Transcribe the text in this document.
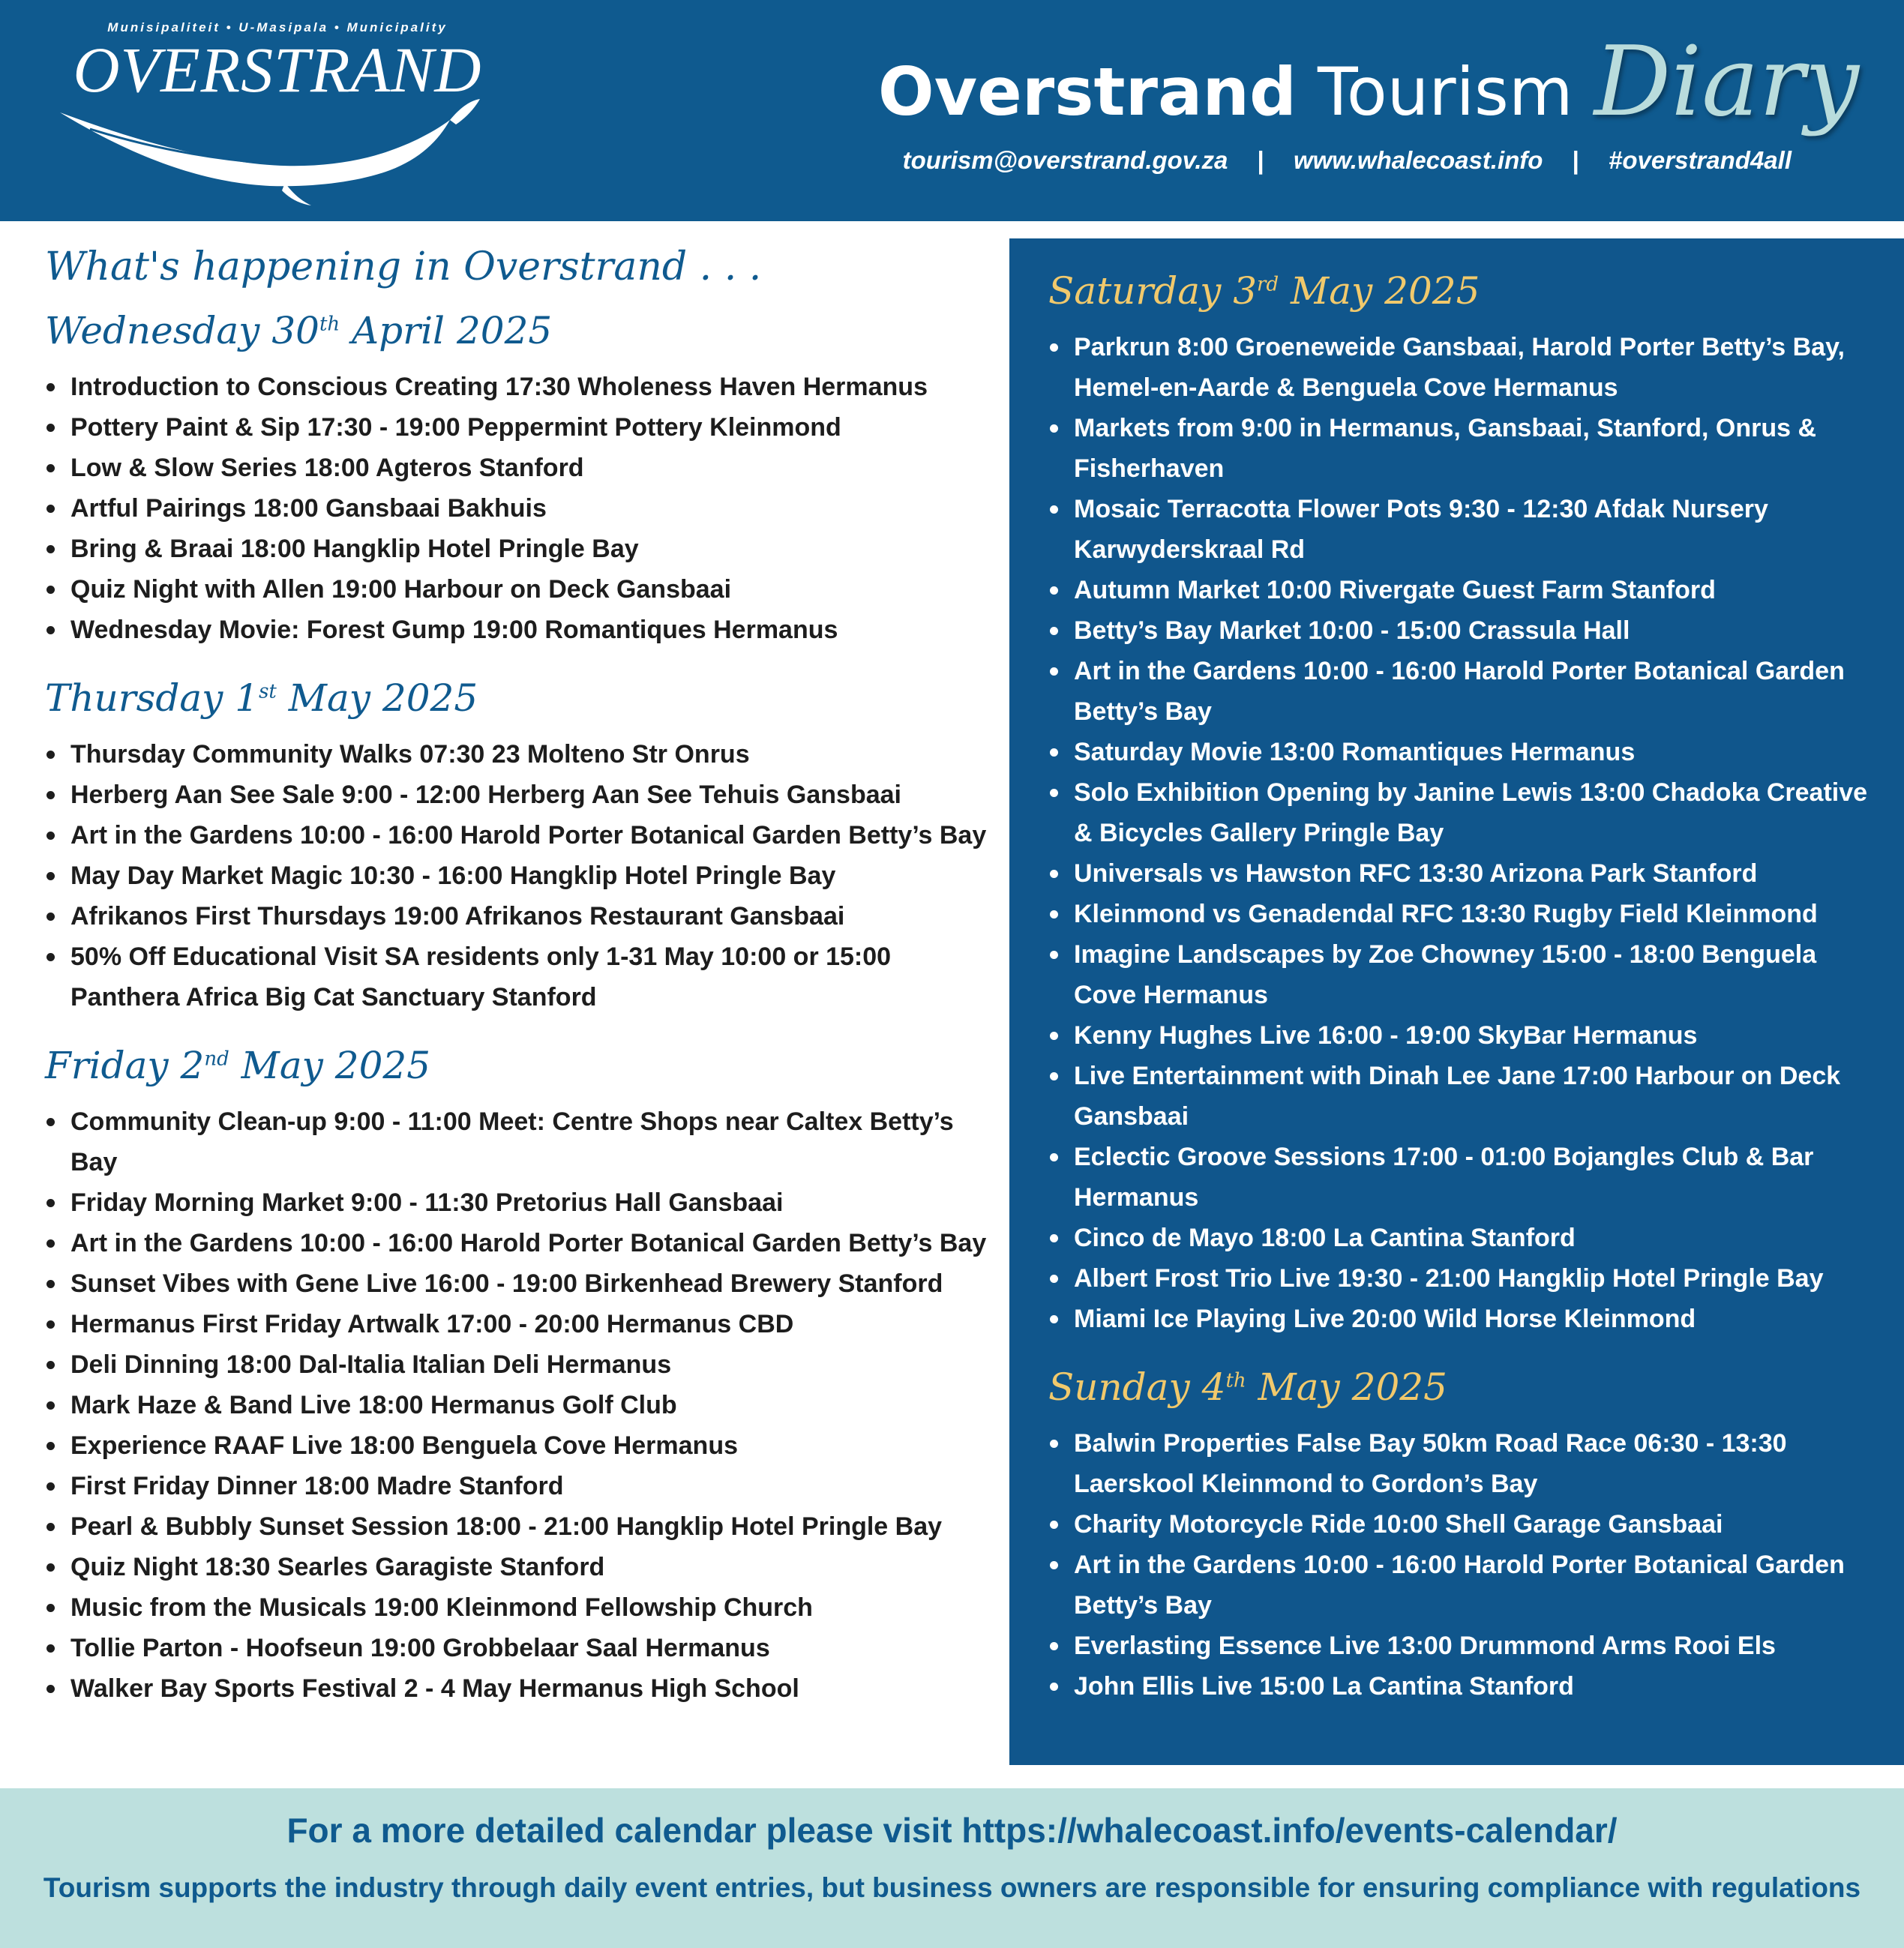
Munisipaliteit • U-Masipala • Municipality
OVERSTRAND	Overstrand Tourism Diary
tourism@overstrand.gov.za | www.whalecoast.info | #overstrand4all
What's happening in Overstrand . . .
Wednesday 30th April 2025
Introduction to Conscious Creating 17:30 Wholeness Haven Hermanus
Pottery Paint & Sip 17:30 - 19:00 Peppermint Pottery Kleinmond
Low & Slow Series 18:00 Agteros Stanford
Artful Pairings 18:00 Gansbaai Bakhuis
Bring & Braai 18:00 Hangklip Hotel Pringle Bay
Quiz Night with Allen 19:00 Harbour on Deck Gansbaai
Wednesday Movie: Forest Gump 19:00 Romantiques Hermanus
Thursday 1st May 2025
Thursday Community Walks 07:30 23 Molteno Str Onrus
Herberg Aan See Sale 9:00 - 12:00 Herberg Aan See Tehuis Gansbaai
Art in the Gardens 10:00 - 16:00 Harold Porter Botanical Garden Betty’s Bay
May Day Market Magic 10:30 - 16:00 Hangklip Hotel Pringle Bay
Afrikanos First Thursdays 19:00 Afrikanos Restaurant Gansbaai
50% Off Educational Visit SA residents only 1-31 May 10:00 or 15:00 Panthera Africa Big Cat Sanctuary Stanford
Friday 2nd May 2025
Community Clean-up 9:00 - 11:00 Meet: Centre Shops near Caltex Betty’s Bay
Friday Morning Market 9:00 - 11:30 Pretorius Hall Gansbaai
Art in the Gardens 10:00 - 16:00 Harold Porter Botanical Garden Betty’s Bay
Sunset Vibes with Gene Live 16:00 - 19:00 Birkenhead Brewery Stanford
Hermanus First Friday Artwalk 17:00 - 20:00 Hermanus CBD
Deli Dinning 18:00 Dal-Italia Italian Deli Hermanus
Mark Haze & Band Live 18:00 Hermanus Golf Club
Experience RAAF Live 18:00 Benguela Cove Hermanus
First Friday Dinner 18:00 Madre Stanford
Pearl & Bubbly Sunset Session 18:00 - 21:00 Hangklip Hotel Pringle Bay
Quiz Night 18:30 Searles Garagiste Stanford
Music from the Musicals 19:00 Kleinmond Fellowship Church
Tollie Parton - Hoofseun 19:00 Grobbelaar Saal Hermanus
Walker Bay Sports Festival 2 - 4 May Hermanus High School
Saturday 3rd May 2025
Parkrun 8:00 Groeneweide Gansbaai, Harold Porter Betty’s Bay, Hemel-en-Aarde & Benguela Cove Hermanus
Markets from 9:00 in Hermanus, Gansbaai, Stanford, Onrus & Fisherhaven
Mosaic Terracotta Flower Pots 9:30 - 12:30 Afdak Nursery Karwyderskraal Rd
Autumn Market 10:00 Rivergate Guest Farm Stanford
Betty’s Bay Market 10:00 - 15:00 Crassula Hall
Art in the Gardens 10:00 - 16:00 Harold Porter Botanical Garden Betty’s Bay
Saturday Movie 13:00 Romantiques Hermanus
Solo Exhibition Opening by Janine Lewis 13:00 Chadoka Creative & Bicycles Gallery Pringle Bay
Universals vs Hawston RFC 13:30 Arizona Park Stanford
Kleinmond vs Genadendal RFC 13:30 Rugby Field Kleinmond
Imagine Landscapes by Zoe Chowney 15:00 - 18:00 Benguela Cove Hermanus
Kenny Hughes Live 16:00 - 19:00 SkyBar Hermanus
Live Entertainment with Dinah Lee Jane 17:00 Harbour on Deck Gansbaai
Eclectic Groove Sessions 17:00 - 01:00 Bojangles Club & Bar Hermanus
Cinco de Mayo 18:00 La Cantina Stanford
Albert Frost Trio Live 19:30 - 21:00 Hangklip Hotel Pringle Bay
Miami Ice Playing Live 20:00 Wild Horse Kleinmond
Sunday 4th May 2025
Balwin Properties False Bay 50km Road Race 06:30 - 13:30 Laerskool Kleinmond to Gordon’s Bay
Charity Motorcycle Ride 10:00 Shell Garage Gansbaai
Art in the Gardens 10:00 - 16:00 Harold Porter Botanical Garden Betty’s Bay
Everlasting Essence Live 13:00 Drummond Arms Rooi Els
John Ellis Live 15:00 La Cantina Stanford
For a more detailed calendar please visit https://whalecoast.info/events-calendar/
Tourism supports the industry through daily event entries, but business owners are responsible for ensuring compliance with regulations
